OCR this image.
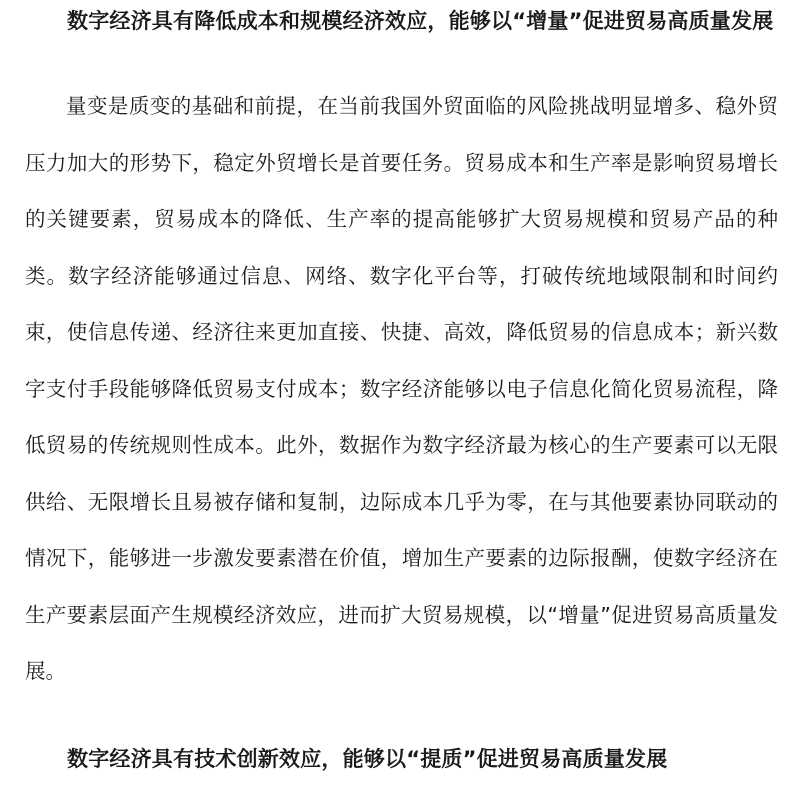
数字经济具有降低成本和规模经济效应，能够以“增量”促进贸易高质量发展

量变是质变的基础和前提，在当前我国外贸面临的风险挑战明显增多、稳外贸压力加大的形势下，稳定外贸增长是首要任务。贸易成本和生产率是影响贸易增长的关键要素，贸易成本的降低、生产率的提高能够扩大贸易规模和贸易产品的种类。数字经济能够通过信息、网络、数字化平台等，打破传统地域限制和时间约束，使信息传递、经济往来更加直接、快捷、高效，降低贸易的信息成本；新兴数字支付手段能够降低贸易支付成本；数字经济能够以电子信息化简化贸易流程，降低贸易的传统规则性成本。此外，数据作为数字经济最为核心的生产要素可以无限供给、无限增长且易被存储和复制，边际成本几乎为零，在与其他要素协同联动的情况下，能够进一步激发要素潜在价值，增加生产要素的边际报酬，使数字经济在生产要素层面产生规模经济效应，进而扩大贸易规模，以“增量”促进贸易高质量发展。

数字经济具有技术创新效应，能够以“提质”促进贸易高质量发展
